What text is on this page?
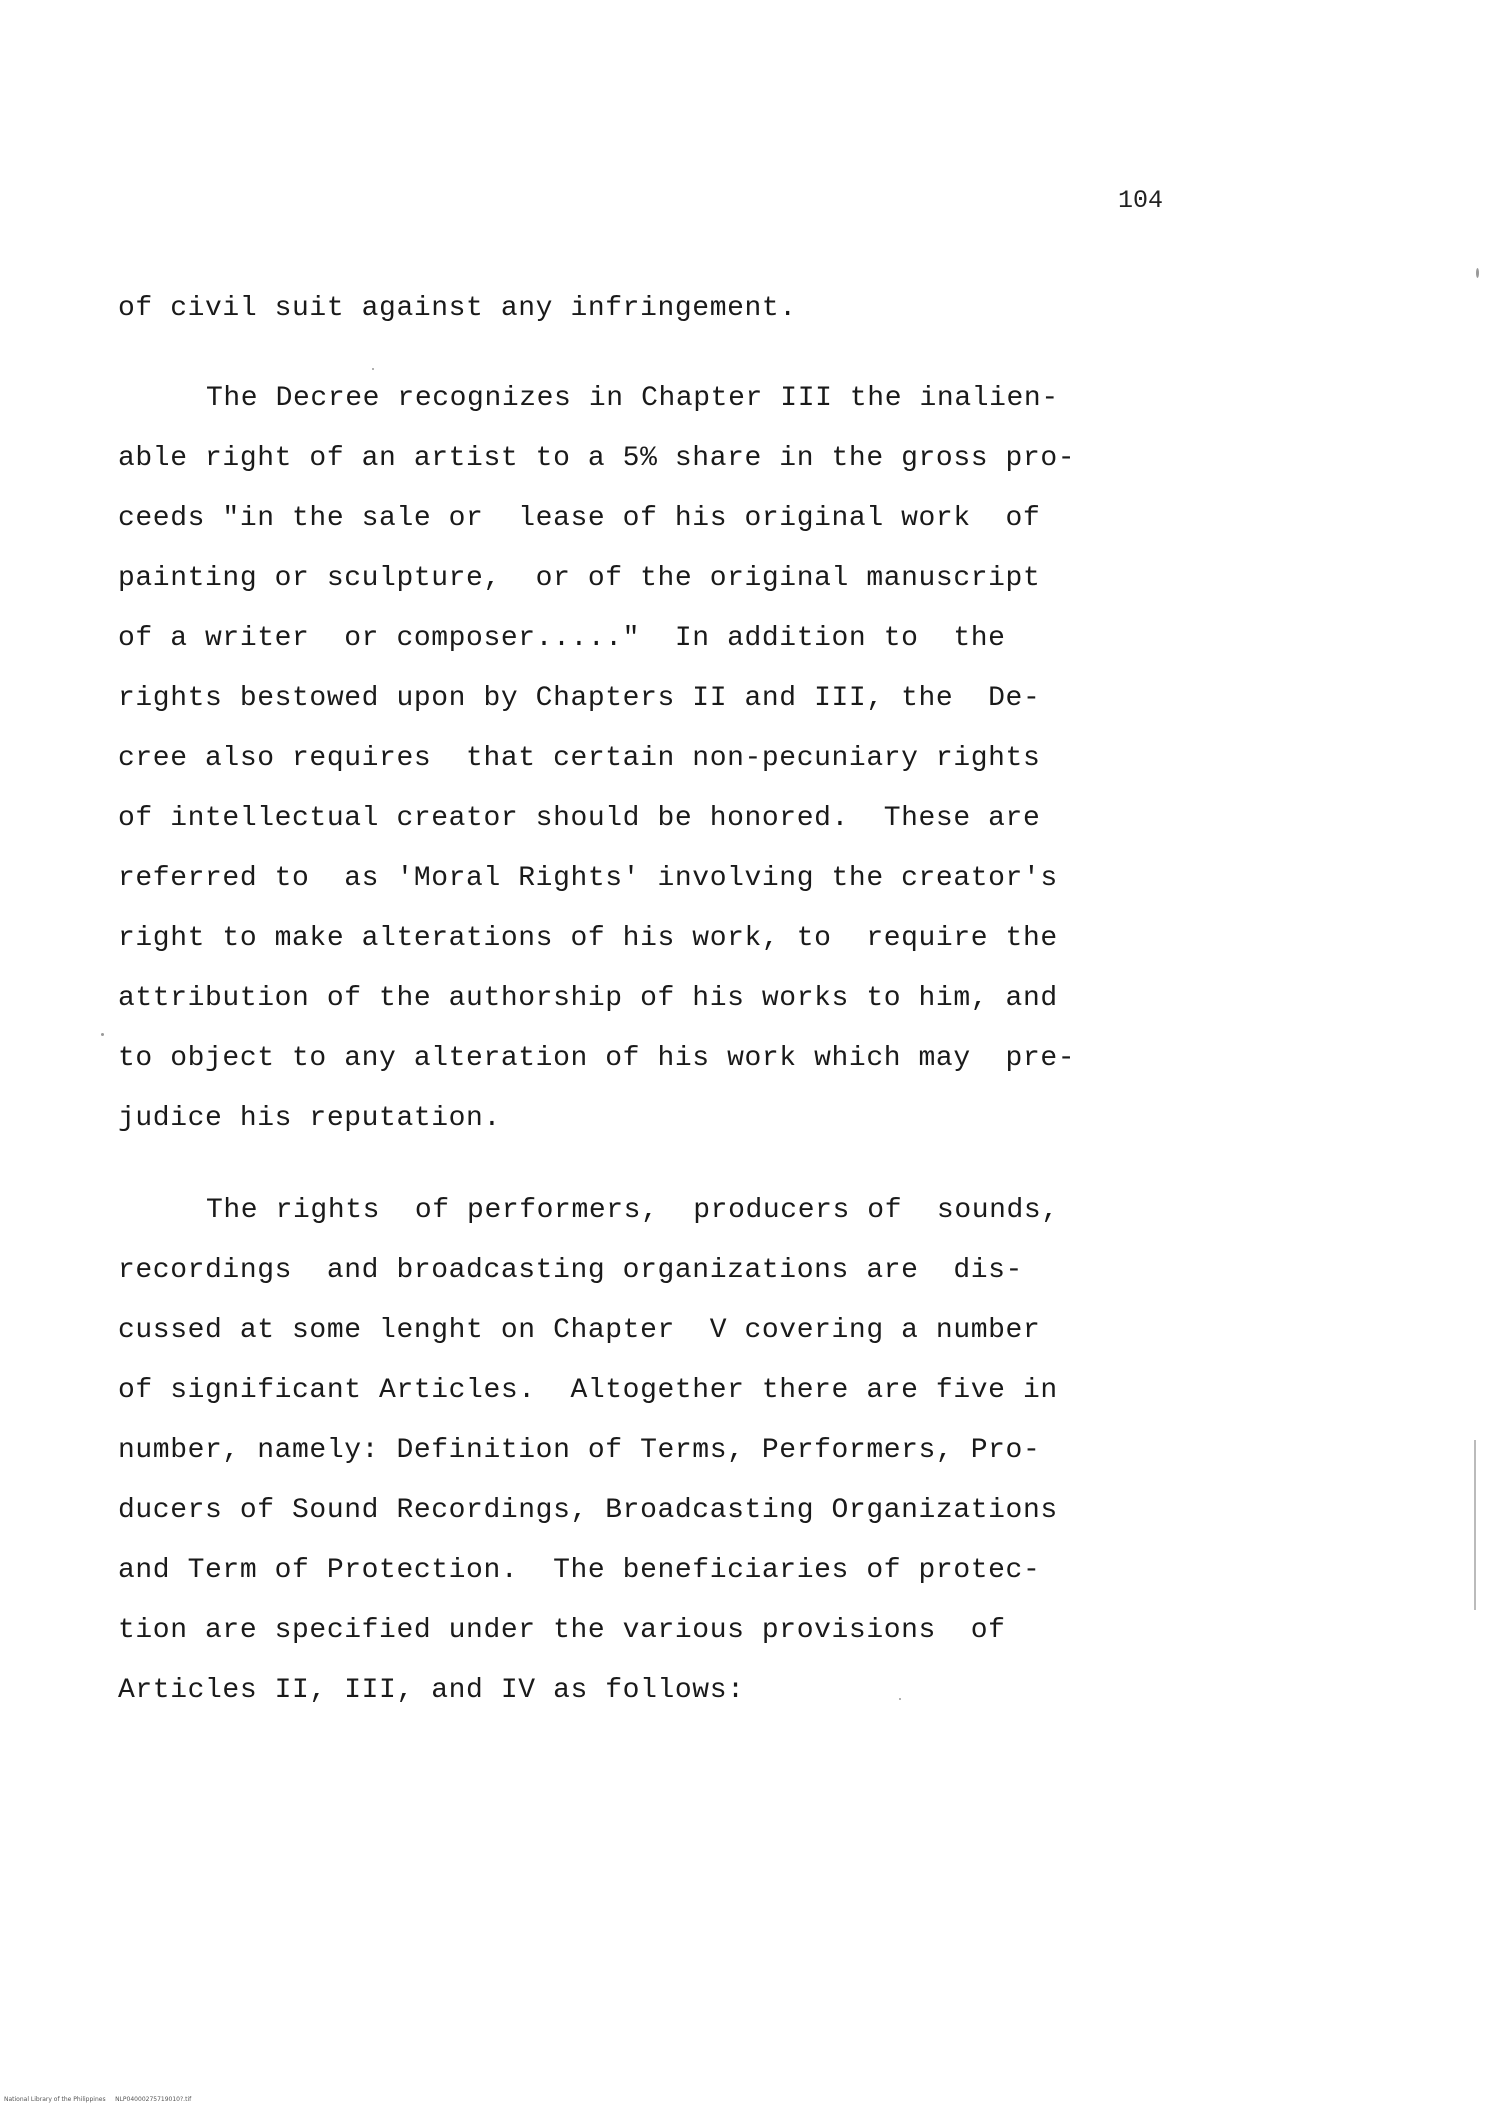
104
of civil suit against any infringement.
The Decree recognizes in Chapter III the inalien-
able right of an artist to a 5% share in the gross pro-
ceeds "in the sale or  lease of his original work  of
painting or sculpture,  or of the original manuscript
of a writer  or composer....."  In addition to  the
rights bestowed upon by Chapters II and III, the  De-
cree also requires  that certain non-pecuniary rights
of intellectual creator should be honored.  These are
referred to  as 'Moral Rights' involving the creator's
right to make alterations of his work, to  require the
attribution of the authorship of his works to him, and
to object to any alteration of his work which may  pre-
judice his reputation.
The rights  of performers,  producers of  sounds,
recordings  and broadcasting organizations are  dis-
cussed at some lenght on Chapter  V covering a number
of significant Articles.  Altogether there are five in
number, namely: Definition of Terms, Performers, Pro-
ducers of Sound Recordings, Broadcasting Organizations
and Term of Protection.  The beneficiaries of protec-
tion are specified under the various provisions  of
Articles II, III, and IV as follows:
National Library of the Philippines     NLP04000275719010?.tif
